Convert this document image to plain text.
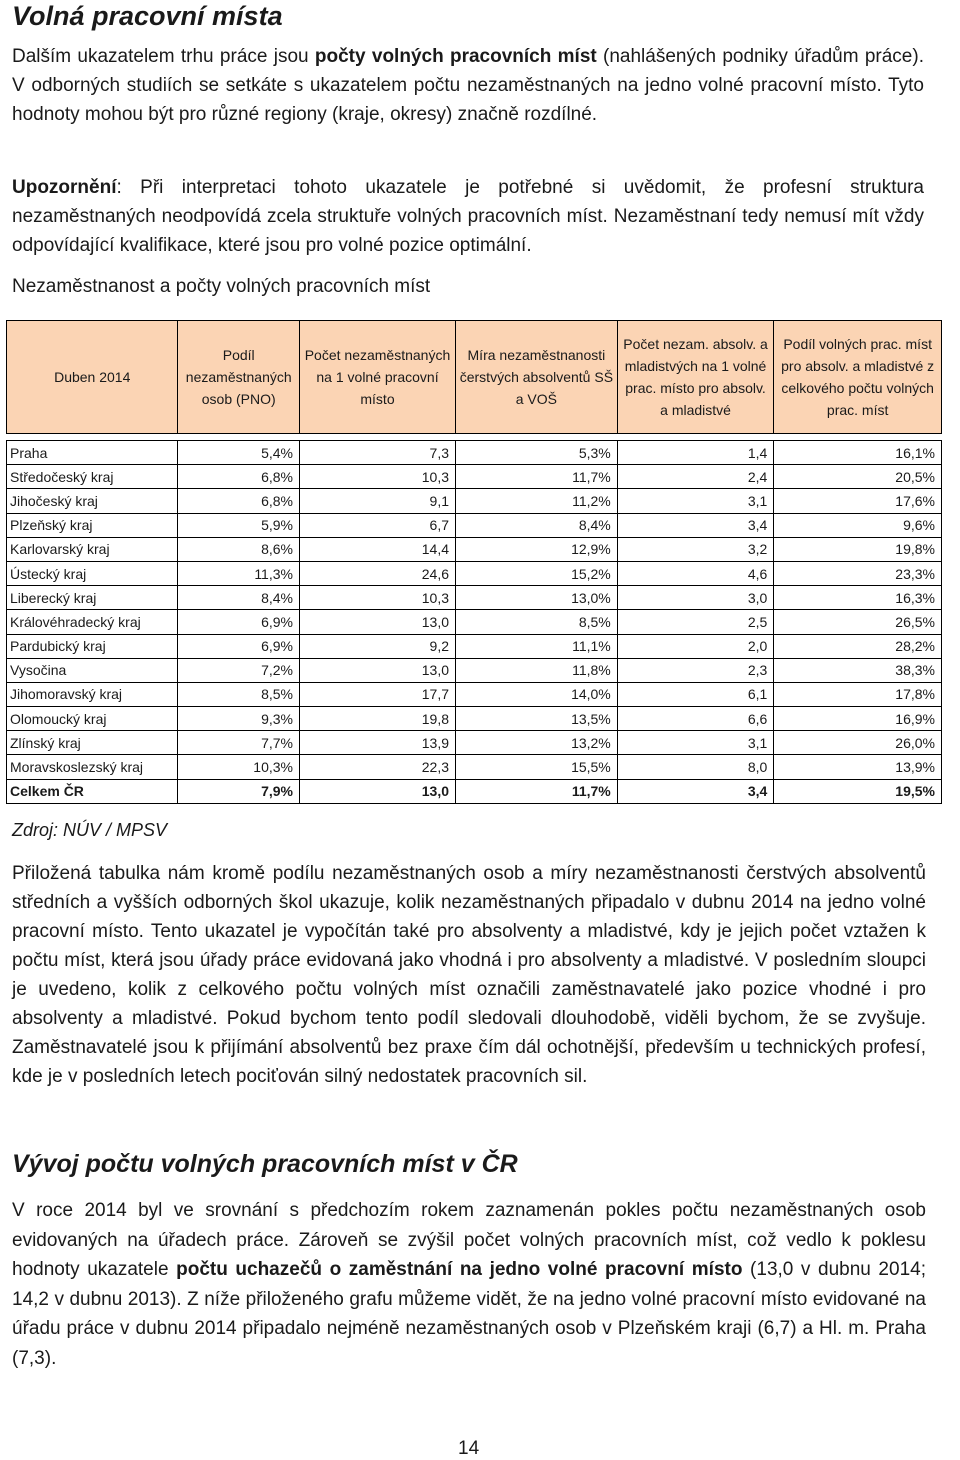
Volná pracovní místa

Dalším ukazatelem trhu práce jsou počty volných pracovních míst (nahlášených podniky úřadům práce). V odborných studiích se setkáte s ukazatelem počtu nezaměstnaných na jedno volné pracovní místo. Tyto hodnoty mohou být pro různé regiony (kraje, okresy) značně rozdílné.

Upozornění: Při interpretaci tohoto ukazatele je potřebné si uvědomit, že profesní struktura nezaměstnaných neodpovídá zcela struktuře volných pracovních míst. Nezaměstnaní tedy nemusí mít vždy odpovídající kvalifikace, které jsou pro volné pozice optimální.

Nezaměstnanost a počty volných pracovních míst

Duben 2014	Podíl nezaměstnaných osob (PNO)	Počet nezaměstnaných na 1 volné pracovní místo	Míra nezaměstnanosti čerstvých absolventů SŠ a VOŠ	Počet nezam. absolv. a mladistvých na 1 volné prac. místo pro absolv. a mladistvé	Podíl volných prac. míst pro absolv. a mladistvé z celkového počtu volných prac. míst

Praha	5,4%	7,3	5,3%	1,4	16,1%
Středočeský kraj	6,8%	10,3	11,7%	2,4	20,5%
Jihočeský kraj	6,8%	9,1	11,2%	3,1	17,6%
Plzeňský kraj	5,9%	6,7	8,4%	3,4	9,6%
Karlovarský kraj	8,6%	14,4	12,9%	3,2	19,8%
Ústecký kraj	11,3%	24,6	15,2%	4,6	23,3%
Liberecký kraj	8,4%	10,3	13,0%	3,0	16,3%
Královéhradecký kraj	6,9%	13,0	8,5%	2,5	26,5%
Pardubický kraj	6,9%	9,2	11,1%	2,0	28,2%
Vysočina	7,2%	13,0	11,8%	2,3	38,3%
Jihomoravský kraj	8,5%	17,7	14,0%	6,1	17,8%
Olomoucký kraj	9,3%	19,8	13,5%	6,6	16,9%
Zlínský kraj	7,7%	13,9	13,2%	3,1	26,0%
Moravskoslezský kraj	10,3%	22,3	15,5%	8,0	13,9%
Celkem ČR	7,9%	13,0	11,7%	3,4	19,5%

Zdroj: NÚV / MPSV

Přiložená tabulka nám kromě podílu nezaměstnaných osob a míry nezaměstnanosti čerstvých absolventů středních a vyšších odborných škol ukazuje, kolik nezaměstnaných připadalo v dubnu 2014 na jedno volné pracovní místo. Tento ukazatel je vypočítán také pro absolventy a mladistvé, kdy je jejich počet vztažen k počtu míst, která jsou úřady práce evidovaná jako vhodná i pro absolventy a mladistvé. V posledním sloupci je uvedeno, kolik z celkového počtu volných míst označili zaměstnavatelé jako pozice vhodné i pro absolventy a mladistvé. Pokud bychom tento podíl sledovali dlouhodobě, viděli bychom, že se zvyšuje. Zaměstnavatelé jsou k přijímání absolventů bez praxe čím dál ochotnější, především u technických profesí, kde je v posledních letech pociťován silný nedostatek pracovních sil.

Vývoj počtu volných pracovních míst v ČR

V roce 2014 byl ve srovnání s předchozím rokem zaznamenán pokles počtu nezaměstnaných osob evidovaných na úřadech práce. Zároveň se zvýšil počet volných pracovních míst, což vedlo k poklesu hodnoty ukazatele počtu uchazečů o zaměstnání na jedno volné pracovní místo (13,0 v dubnu 2014; 14,2 v dubnu 2013). Z níže přiloženého grafu můžeme vidět, že na jedno volné pracovní místo evidované na úřadu práce v dubnu 2014 připadalo nejméně nezaměstnaných osob v Plzeňském kraji (6,7) a Hl. m. Praha (7,3).

14
